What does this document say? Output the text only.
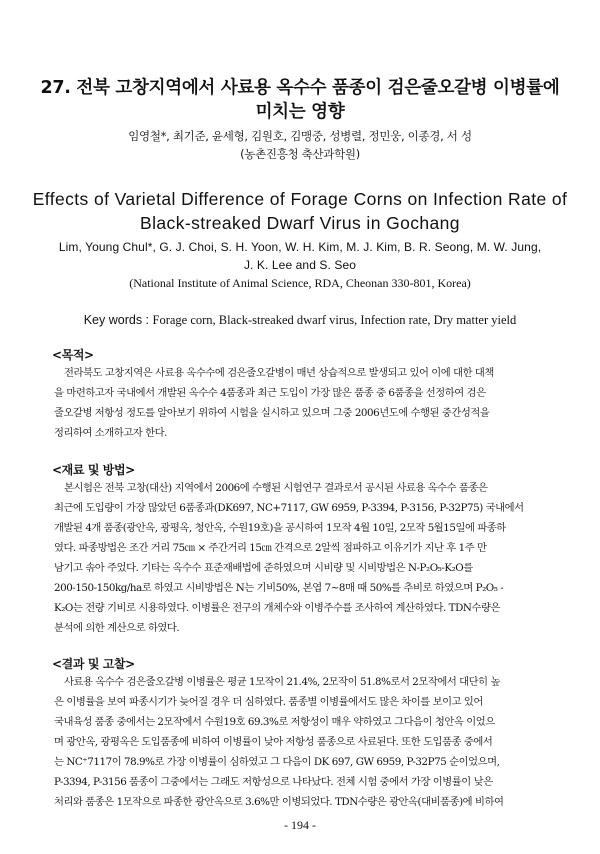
27. 전북 고창지역에서 사료용 옥수수 품종이 검은줄오갈병 이병률에
미치는 영향
임영철*, 최기준, 윤세형, 김원호, 김맹중, 성병렬, 정민웅, 이종경, 서 성
(농촌진흥청 축산과학원)
Effects of Varietal Difference of Forage Corns on Infection Rate of
Black-streaked Dwarf Virus in Gochang
Lim, Young Chul*, G. J. Choi, S. H. Yoon, W. H. Kim, M. J. Kim, B. R. Seong, M. W. Jung,
J. K. Lee and S. Seo
(National Institute of Animal Science, RDA, Cheonan 330-801, Korea)
Key words : Forage corn, Black-streaked dwarf virus, Infection rate, Dry matter yield
<목적>
전라북도 고창지역은 사료용 옥수수에 검은줄오갈병이 매년 상습적으로 발생되고 있어 이에 대한 대책
을 마련하고자 국내에서 개발된 옥수수 4품종과 최근 도입이 가장 많은 품종 중 6품종을 선정하여 검은
줄오갈병 저항성 정도를 알아보기 위하여 시험을 실시하고 있으며 그중 2006년도에 수행된 중간성적을
정리하여 소개하고자 한다.
<재료 및 방법>
본시험은 전북 고창(대산) 지역에서 2006에 수행된 시험연구 결과로서 공시된 사료용 옥수수 품종은
최근에 도입량이 가장 많았던 6품종과(DK697, NC+7117, GW 6959, P-3394, P-3156, P-32P75) 국내에서
개발된 4개 품종(광안옥, 광평옥, 청안옥, 수원19호)을 공시하여 1모작 4월 10일, 2모작 5월15일에 파종하
였다. 파종방법은 조간 거리 75㎝ × 주간거리 15㎝ 간격으로 2알씩 점파하고 이유기가 지난 후 1주 만
남기고 솎아 주었다. 기타는 옥수수 표준재배법에 준하였으며 시비량 및 시비방법은 N-P₂O₅-K₂O를
200-150-150kg/ha로 하였고 시비방법은 N는 기비50%, 본엽 7~8매 때 50%를 추비로 하였으며 P₂O₅ -
K₂O는 전량 기비로 시용하였다. 이병률은 전구의 개체수와 이병주수를 조사하여 계산하였다. TDN수량은
분석에 의한 계산으로 하였다.
<결과 및 고찰>
사료용 옥수수 검은줄오갈병 이병률은 평균 1모작이 21.4%, 2모작이 51.8%로서 2모작에서 대단히 높
은 이병률을 보여 파종시기가 늦어질 경우 더 심하였다. 품종별 이병률에서도 많은 차이를 보이고 있어
국내육성 품종 중에서는 2모작에서 수원19호 69.3%로 저항성이 매우 약하였고 그다음이 청안옥 이었으
며 광안옥, 광평옥은 도입품종에 비하여 이병률이 낮아 저항성 품종으로 사료된다. 또한 도입품종 중에서
는 NC⁺7117이 78.9%로 가장 이병률이 심하였고 그 다음이 DK 697, GW 6959, P-32P75 순이었으며,
P-3394, P-3156 품종이 그중에서는 그래도 저항성으로 나타났다. 전체 시험 중에서 가장 이병률이 낮은
처리와 품종은 1모작으로 파종한 광안옥으로 3.6%만 이병되었다. TDN수량은 광안옥(대비품종)에 비하여
- 194 -
